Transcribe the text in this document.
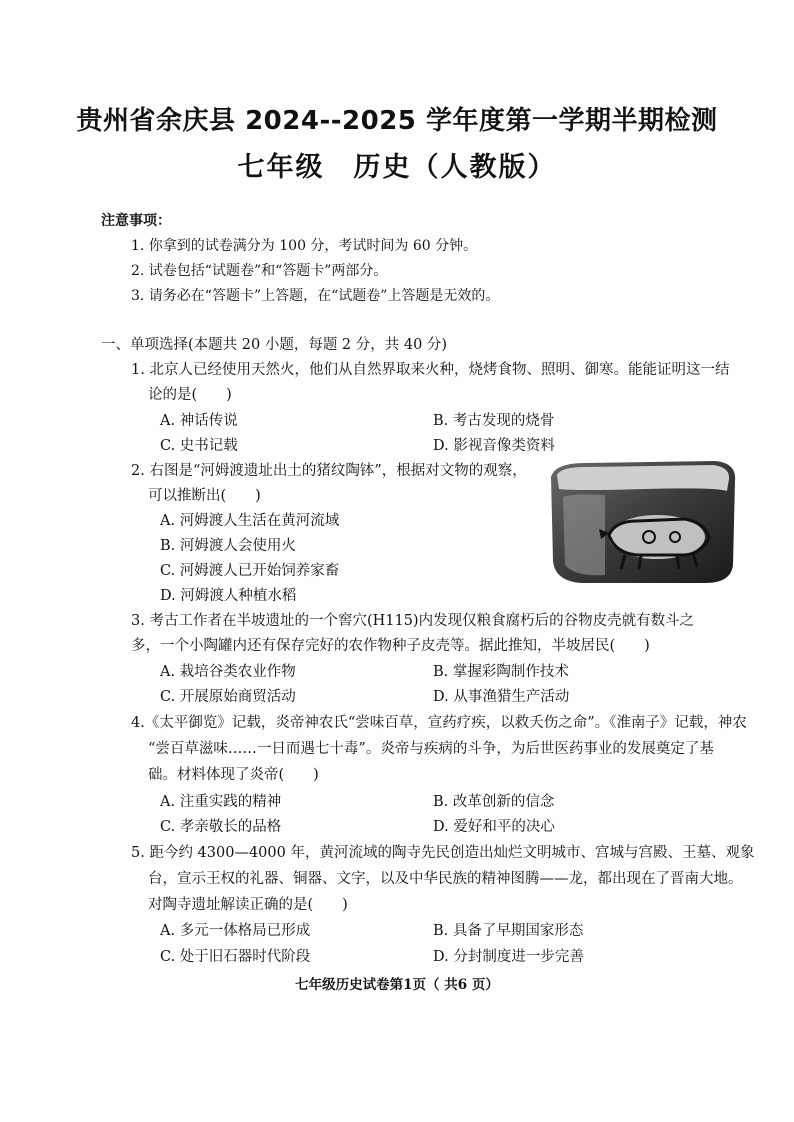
贵州省余庆县 2024--2025 学年度第一学期半期检测
七年级　历史（人教版）
注意事项：
1. 你拿到的试卷满分为 100 分，考试时间为 60 分钟。
2. 试卷包括“试题卷”和“答题卡”两部分。
3. 请务必在“答题卡”上答题，在“试题卷”上答题是无效的。
一、单项选择(本题共 20 小题，每题 2 分，共 40 分)
1. 北京人已经使用天然火，他们从自然界取来火种，烧烤食物、照明、御寒。能能证明这一结
论的是(　　)
A. 神话传说	B. 考古发现的烧骨
C. 史书记载	D. 影视音像类资料
2. 右图是“河姆渡遗址出土的猪纹陶钵”，根据对文物的观察，
可以推断出(　　)
A. 河姆渡人生活在黄河流域
B. 河姆渡人会使用火
C. 河姆渡人已开始饲养家畜
D. 河姆渡人种植水稻
3. 考古工作者在半坡遗址的一个窖穴(H115)内发现仅粮食腐朽后的谷物皮壳就有数斗之
多，一个小陶罐内还有保存完好的农作物种子皮壳等。据此推知，半坡居民(　　)
A. 栽培谷类农业作物	B. 掌握彩陶制作技术
C. 开展原始商贸活动	D. 从事渔猎生产活动
4.《太平御览》记载，炎帝神农氏“尝味百草，宣药疗疾，以救夭伤之命”。《淮南子》记载，神农
“尝百草滋味……一日而遇七十毒”。炎帝与疾病的斗争，为后世医药事业的发展奠定了基
础。材料体现了炎帝(　　)
A. 注重实践的精神	B. 改革创新的信念
C. 孝亲敬长的品格	D. 爱好和平的决心
5. 距今约 4300—4000 年，黄河流域的陶寺先民创造出灿烂文明城市、宫城与宫殿、王墓、观象
台，宣示王权的礼器、铜器、文字，以及中华民族的精神图腾——龙，都出现在了晋南大地。
对陶寺遗址解读正确的是(　　)
A. 多元一体格局已形成	B. 具备了早期国家形态
C. 处于旧石器时代阶段	D. 分封制度进一步完善
七年级历史试卷第1页（ 共6 页）
